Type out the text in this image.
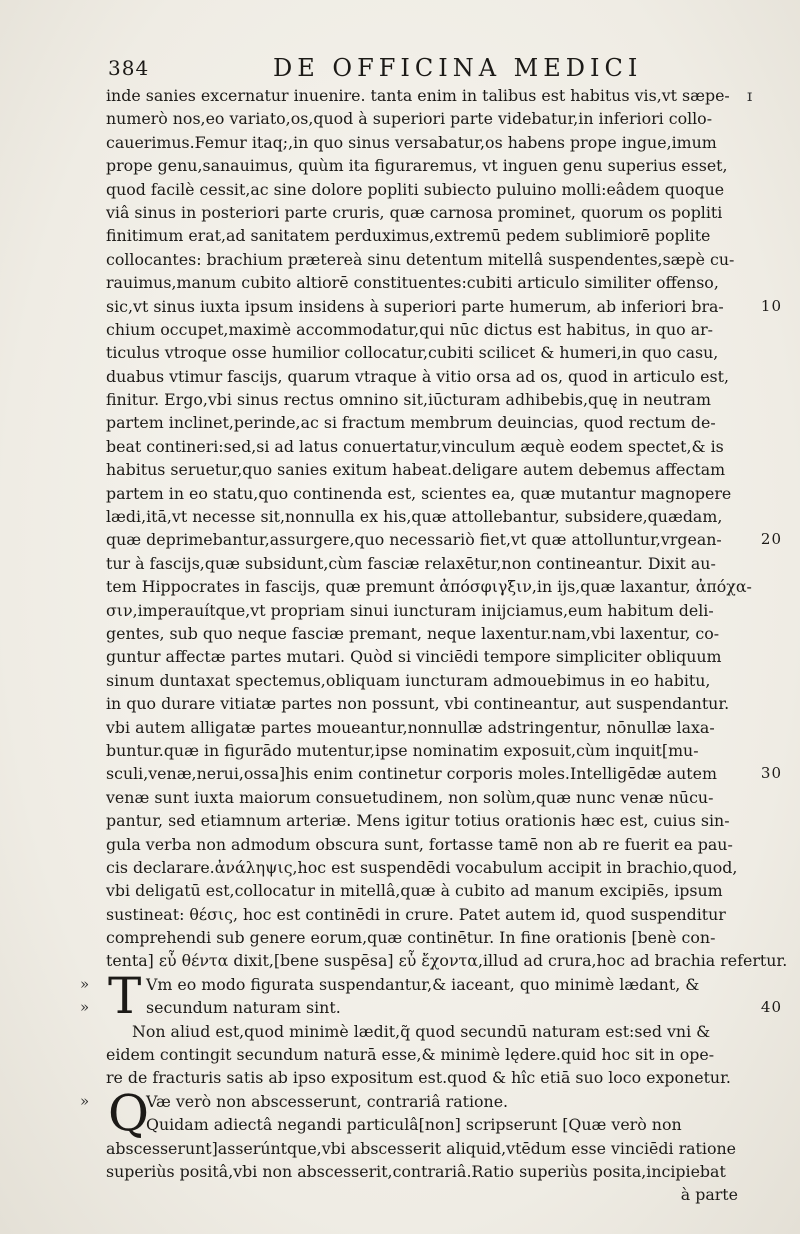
384	DE OFFICINA MEDICI
ɪ
inde sanies excernatur inuenire. tanta enim in talibus est habitus vis,vt sæpe-
numerò nos,eo variato,os,quod à superiori parte videbatur,in inferiori collo-
cauerimus.Femur itaq;,in quo sinus versabatur,os habens prope ingue,imum
prope genu,sanauimus, quùm ita figuraremus, vt inguen genu superius esset,
quod facilè cessit,ac sine dolore popliti subiecto puluino molli:eâdem quoque
viâ sinus in posteriori parte cruris, quæ carnosa prominet, quorum os popliti
finitimum erat,ad sanitatem perduximus,extremū pedem sublimiorē poplite
collocantes: brachium prætereà sinu detentum mitellâ suspendentes,sæpè cu-
rauimus,manum cubito altiorē constituentes:cubiti articulo similiter offenso,
sic,vt sinus iuxta ipsum insidens à superiori parte humerum, ab inferiori bra- 10
chium occupet,maximè accommodatur,qui nūc dictus est habitus, in quo ar-
ticulus vtroque osse humilior collocatur,cubiti scilicet & humeri,in quo casu,
duabus vtimur fascijs, quarum vtraque à vitio orsa ad os, quod in articulo est,
finitur. Ergo,vbi sinus rectus omnino sit,iūcturam adhibebis,quę in neutram
partem inclinet,perinde,ac si fractum membrum deuincias, quod rectum de-
beat contineri:sed,si ad latus conuertatur,vinculum æquè eodem spectet,& is
habitus seruetur,quo sanies exitum habeat.deligare autem debemus affectam
partem in eo statu,quo continenda est, scientes ea, quæ mutantur magnopere
lædi,itā,vt necesse sit,nonnulla ex his,quæ attollebantur, subsidere,quædam,
quæ deprimebantur,assurgere,quo necessariò fiet,vt quæ attolluntur,vrgean-	20
tur à fascijs,quæ subsidunt,cùm fasciæ relaxētur,non contineantur. Dixit au-
tem Hippocrates in fascijs, quæ premunt ἀπόσφιγξιν,in ijs,quæ laxantur, ἀπόχα-
σιν,imperauítque,vt propriam sinui iuncturam inijciamus,eum habitum deli-
gentes, sub quo neque fasciæ premant, neque laxentur.nam,vbi laxentur, co-
guntur affectæ partes mutari. Quòd si vinciēdi tempore simpliciter obliquum
sinum duntaxat spectemus,obliquam iuncturam admouebimus in eo habitu,
in quo durare vitiatæ partes non possunt, vbi contineantur, aut suspendantur.
vbi autem alligatæ partes moueantur,nonnullæ adstringentur, nōnullæ laxa-
buntur.quæ in figurādo mutentur,ipse nominatim exposuit,cùm inquit[mu-
sculi,venæ,nerui,ossa]his enim continetur corporis moles.Intelligēdæ autem	30
venæ sunt iuxta maiorum consuetudinem, non solùm,quæ nunc venæ nūcu-
pantur, sed etiamnum arteriæ. Mens igitur totius orationis hæc est, cuius sin-
gula verba non admodum obscura sunt, fortasse tamē non ab re fuerit ea pau-
cis declarare.ἀνάληψις,hoc est suspendēdi vocabulum accipit in brachio,quod,
vbi deligatū est,collocatur in mitellâ,quæ à cubito ad manum excipiēs, ipsum
sustineat: θέσις, hoc est continēdi in crure. Patet autem id, quod suspenditur
comprehendi sub genere eorum,quæ continētur. In fine orationis [benè con-
tenta] εὖ θέντα dixit,[bene suspēsa] εὖ ἔχοντα,illud ad crura,hoc ad brachia refertur.
» T Vm eo modo figurata suspendantur,& iaceant, quo minimè lædant, &
»	secundum naturam sint.	40
Non aliud est,quod minimè lædit,q̃ quod secundū naturam est:sed vni &
eidem contingit secundum naturā esse,& minimè lędere.quid hoc sit in ope-
re de fracturis satis ab ipso expositum est.quod & hîc etiā suo loco exponetur.
» Q
Væ verò non abscesserunt, contrariâ ratione.
Quidam adiectâ negandi particulâ[non] scripserunt [Quæ verò non
abscesserunt]asserúntque,vbi abscesserit aliquid,vtēdum esse vinciēdi ratione
superiùs positâ,vbi non abscesserit,contrariâ.Ratio superiùs posita,incipiebat
à parte
